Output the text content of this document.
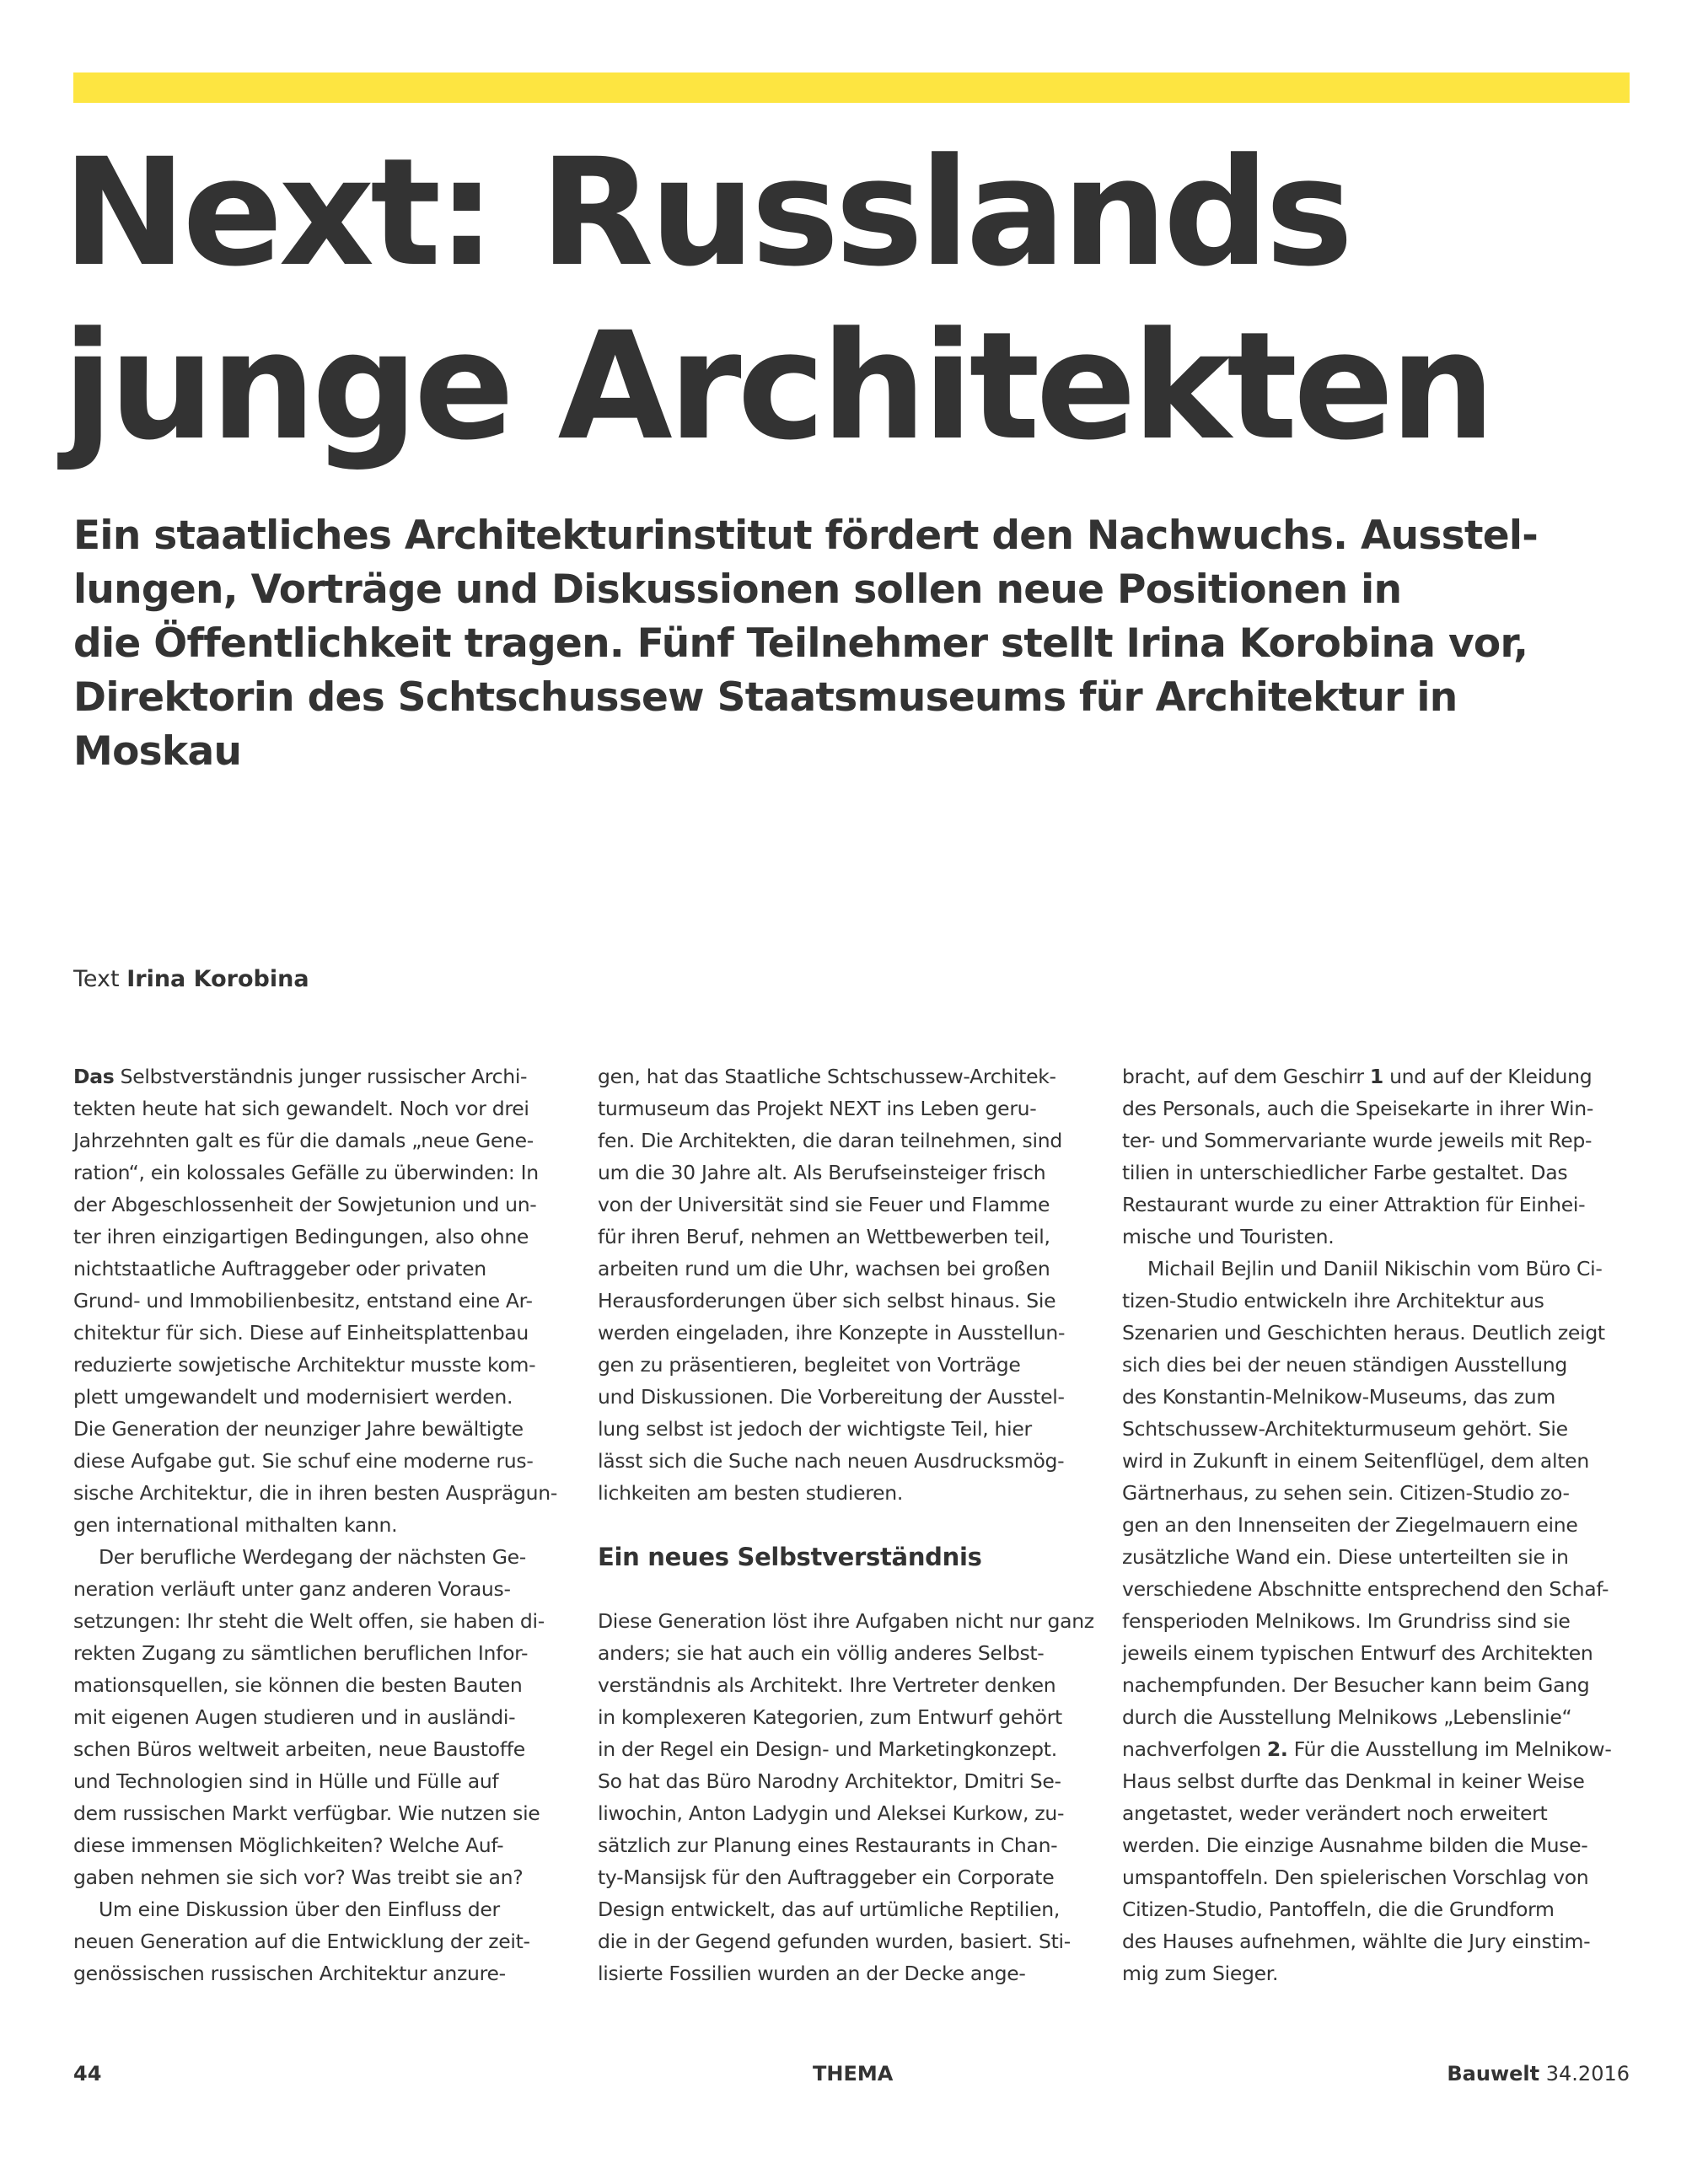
Next: Russlands
junge Architekten

Ein staatliches Architekturinstitut fördert den Nachwuchs. Ausstel-
lungen, Vorträge und Diskussionen sollen neue Positionen in
die Öffentlichkeit tragen. Fünf Teilnehmer stellt Irina Korobina vor,
Direktorin des Schtschussew Staatsmuseums für Architektur in
Moskau

Text Irina Korobina
Das Selbstverständnis junger russischer Archi-
tekten heute hat sich gewandelt. Noch vor drei
Jahrzehnten galt es für die damals „neue Gene-
ration“, ein kolossales Gefälle zu überwinden: In
der Abgeschlossenheit der Sowjetunion und un-
ter ihren einzigartigen Bedingungen, also ohne
nichtstaatliche Auftraggeber oder privaten
Grund- und Immobilienbesitz, entstand eine Ar-
chitektur für sich. Diese auf Einheitsplattenbau
reduzierte sowjetische Architektur musste kom-
plett umgewandelt und modernisiert werden.
Die Generation der neunziger Jahre bewältigte
diese Aufgabe gut. Sie schuf eine moderne rus-
sische Architektur, die in ihren besten Ausprägun-
gen international mithalten kann.
Der berufliche Werdegang der nächsten Ge-
neration verläuft unter ganz anderen Voraus-
setzungen: Ihr steht die Welt offen, sie haben di-
rekten Zugang zu sämtlichen beruflichen Infor-
mationsquellen, sie können die besten Bauten
mit eigenen Augen studieren und in ausländi-
schen Büros weltweit arbeiten, neue Baustoffe
und Technologien sind in Hülle und Fülle auf
dem russischen Markt verfügbar. Wie nutzen sie
diese immensen Möglichkeiten? Welche Auf-
gaben nehmen sie sich vor? Was treibt sie an?
Um eine Diskussion über den Einfluss der
neuen Generation auf die Entwicklung der zeit-
genössischen russischen Architektur anzure-
gen, hat das Staatliche Schtschussew-Architek-
turmuseum das Projekt NEXT ins Leben geru-
fen. Die Architekten, die daran teilnehmen, sind
um die 30 Jahre alt. Als Berufseinsteiger frisch
von der Universität sind sie Feuer und Flamme
für ihren Beruf, nehmen an Wettbewerben teil,
arbeiten rund um die Uhr, wachsen bei großen
Herausforderungen über sich selbst hinaus. Sie
werden eingeladen, ihre Konzepte in Ausstellun-
gen zu präsentieren, begleitet von Vorträge
und Diskussionen. Die Vorbereitung der Ausstel-
lung selbst ist jedoch der wichtigste Teil, hier
lässt sich die Suche nach neuen Ausdrucksmög-
lichkeiten am besten studieren.
Ein neues Selbstverständnis
Diese Generation löst ihre Aufgaben nicht nur ganz
anders; sie hat auch ein völlig anderes Selbst-
verständnis als Architekt. Ihre Vertreter denken
in komplexeren Kategorien, zum Entwurf gehört
in der Regel ein Design- und Marketingkonzept.
So hat das Büro Narodny Architektor, Dmitri Se-
liwochin, Anton Ladygin und Aleksei Kurkow, zu-
sätzlich zur Planung eines Restaurants in Chan-
ty-Mansijsk für den Auftraggeber ein Corporate
Design entwickelt, das auf urtümliche Reptilien,
die in der Gegend gefunden wurden, basiert. Sti-
lisierte Fossilien wurden an der Decke ange-
bracht, auf dem Geschirr 1 und auf der Kleidung
des Personals, auch die Speisekarte in ihrer Win-
ter- und Sommervariante wurde jeweils mit Rep-
tilien in unterschiedlicher Farbe gestaltet. Das
Restaurant wurde zu einer Attraktion für Einhei-
mische und Touristen.
Michail Bejlin und Daniil Nikischin vom Büro Ci-
tizen-Studio entwickeln ihre Architektur aus
Szenarien und Geschichten heraus. Deutlich zeigt
sich dies bei der neuen ständigen Ausstellung
des Konstantin-Melnikow-Museums, das zum
Schtschussew-Architekturmuseum gehört. Sie
wird in Zukunft in einem Seitenflügel, dem alten
Gärtnerhaus, zu sehen sein. Citizen-Studio zo-
gen an den Innenseiten der Ziegelmauern eine
zusätzliche Wand ein. Diese unterteilten sie in
verschiedene Abschnitte entsprechend den Schaf-
fensperioden Melnikows. Im Grundriss sind sie
jeweils einem typischen Entwurf des Architekten
nachempfunden. Der Besucher kann beim Gang
durch die Ausstellung Melnikows „Lebenslinie“
nachverfolgen 2. Für die Ausstellung im Melnikow-
Haus selbst durfte das Denkmal in keiner Weise
angetastet, weder verändert noch erweitert
werden. Die einzige Ausnahme bilden die Muse-
umspantoffeln. Den spielerischen Vorschlag von
Citizen-Studio, Pantoffeln, die die Grundform
des Hauses aufnehmen, wählte die Jury einstim-
mig zum Sieger.
44	THEMA	Bauwelt 34.2016
